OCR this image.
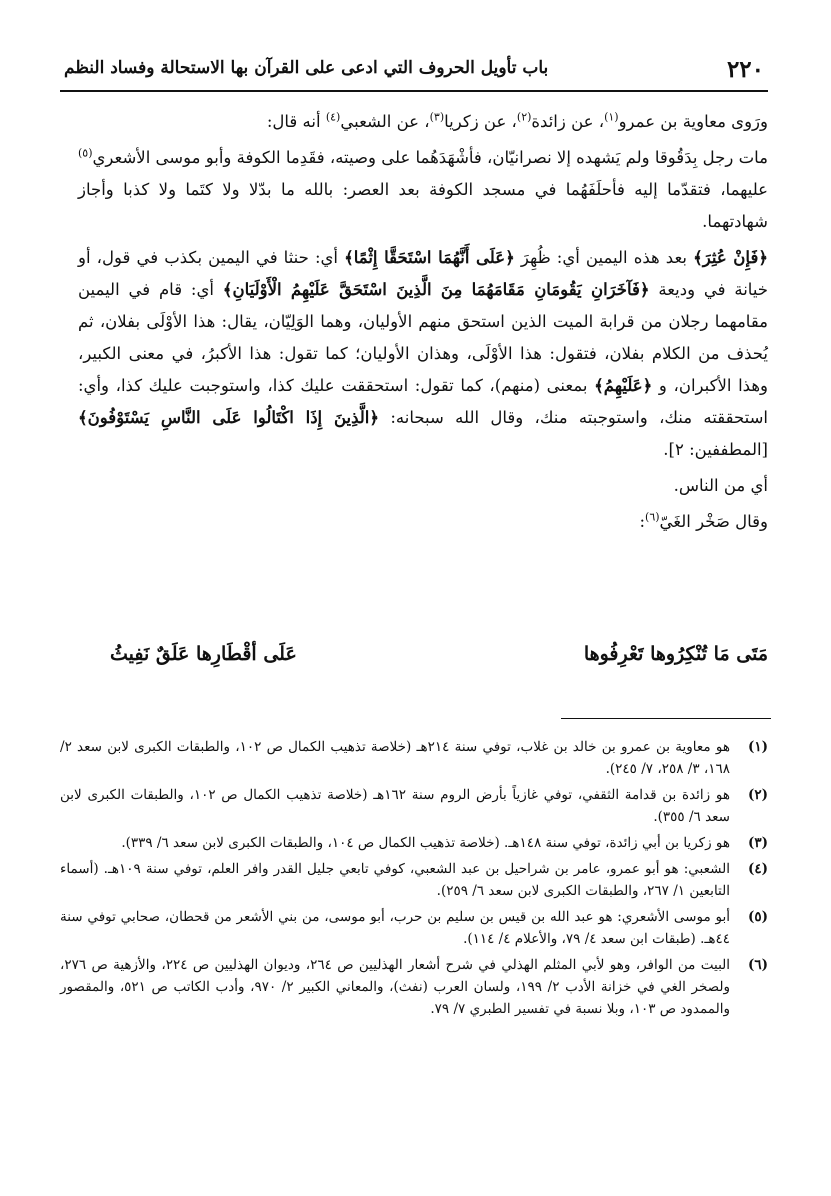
٢٢٠
باب تأويل الحروف التي ادعى على القرآن بها الاستحالة وفساد النظم

ورَوى معاوية بن عمرو$^{(١)}$، عن زائدة$^{(٢)}$، عن زكريا$^{(٣)}$، عن الشعبي$^{(٤)}$ أنه قال:

مات رجل بِدَقُوقا ولم يَشهده إلا نصرانيّان، فأشْهَدَهُما على وصيته، فقَدِما الكوفة وأبو موسى الأشعري$^{(٥)}$ عليهما، فتقدّما إليه فأحلَفَهُما في مسجد الكوفة بعد العصر: بالله ما بدّلا ولا كتَما ولا كذبا وأجاز شهادتهما.

﴿فَإِنْ عُثِرَ﴾ بعد هذه اليمين أي: ظُهِرَ ﴿عَلَى أَنَّهُمَا اسْتَحَقَّا إِثْمًا﴾ أي: حنثا في اليمين بكذب في قول، أو خيانة في وديعة ﴿فَآخَرَانِ يَقُومَانِ مَقَامَهُمَا مِنَ الَّذِينَ اسْتَحَقَّ عَلَيْهِمُ الْأَوْلَيَانِ﴾ أي: قام في اليمين مقامهما رجلان من قرابة الميت الذين استحق منهم الأوليان، وهما الوَلِيّان، يقال: هذا الأوْلَى بفلان، ثم يُحذف من الكلام بفلان، فتقول: هذا الأوْلَى، وهذان الأوليان؛ كما تقول: هذا الأكبرُ، في معنى الكبير، وهذا الأكبران، و ﴿عَلَيْهِمُ﴾ بمعنى (منهم)، كما تقول: استحققت عليك كذا، واستوجبت عليك كذا، وأي: استحققته منك، واستوجبته منك، وقال الله سبحانه: ﴿الَّذِينَ إِذَا اكْتَالُوا عَلَى النَّاسِ يَسْتَوْفُونَ﴾ [المطففين: ٢].

أي من الناس.

وقال صَخْر الغَيّ$^{(٦)}$:

مَتَى مَا تُنْكِرُوها تَعْرِفُوها
عَلَى أقْطَارِها عَلَقٌ نَفِيثُ
(١)
هو معاوية بن عمرو بن خالد بن غلاب، توفي سنة ٢١٤هـ (خلاصة تذهيب الكمال ص ١٠٢، والطبقات الكبرى لابن سعد ٢/ ١٦٨، ٣/ ٢٥٨، ٧/ ٢٤٥).
(٢)
هو زائدة بن قدامة الثقفي، توفي غازياً بأرض الروم سنة ١٦٢هـ (خلاصة تذهيب الكمال ص ١٠٢، والطبقات الكبرى لابن سعد ٦/ ٣٥٥).
(٣)
هو زكريا بن أبي زائدة، توفي سنة ١٤٨هـ. (خلاصة تذهيب الكمال ص ١٠٤، والطبقات الكبرى لابن سعد ٦/ ٣٣٩).
(٤)
الشعبي: هو أبو عمرو، عامر بن شراحيل بن عبد الشعبي، كوفي تابعي جليل القدر وافر العلم، توفي سنة ١٠٩هـ. (أسماء التابعين ١/ ٢٦٧، والطبقات الكبرى لابن سعد ٦/ ٢٥٩).
(٥)
أبو موسى الأشعري: هو عبد الله بن قيس بن سليم بن حرب، أبو موسى، من بني الأشعر من قحطان، صحابي توفي سنة ٤٤هـ. (طبقات ابن سعد ٤/ ٧٩، والأعلام ٤/ ١١٤).
(٦)
البيت من الوافر، وهو لأبي المثلم الهذلي في شرح أشعار الهذليين ص ٢٦٤، وديوان الهذليين ص ٢٢٤، والأزهية ص ٢٧٦، ولصخر الغي في خزانة الأدب ٢/ ١٩٩، ولسان العرب (نفث)، والمعاني الكبير ٢/ ٩٧٠، وأدب الكاتب ص ٥٢١، والمقصور والممدود ص ١٠٣، وبلا نسبة في تفسير الطبري ٧/ ٧٩.
